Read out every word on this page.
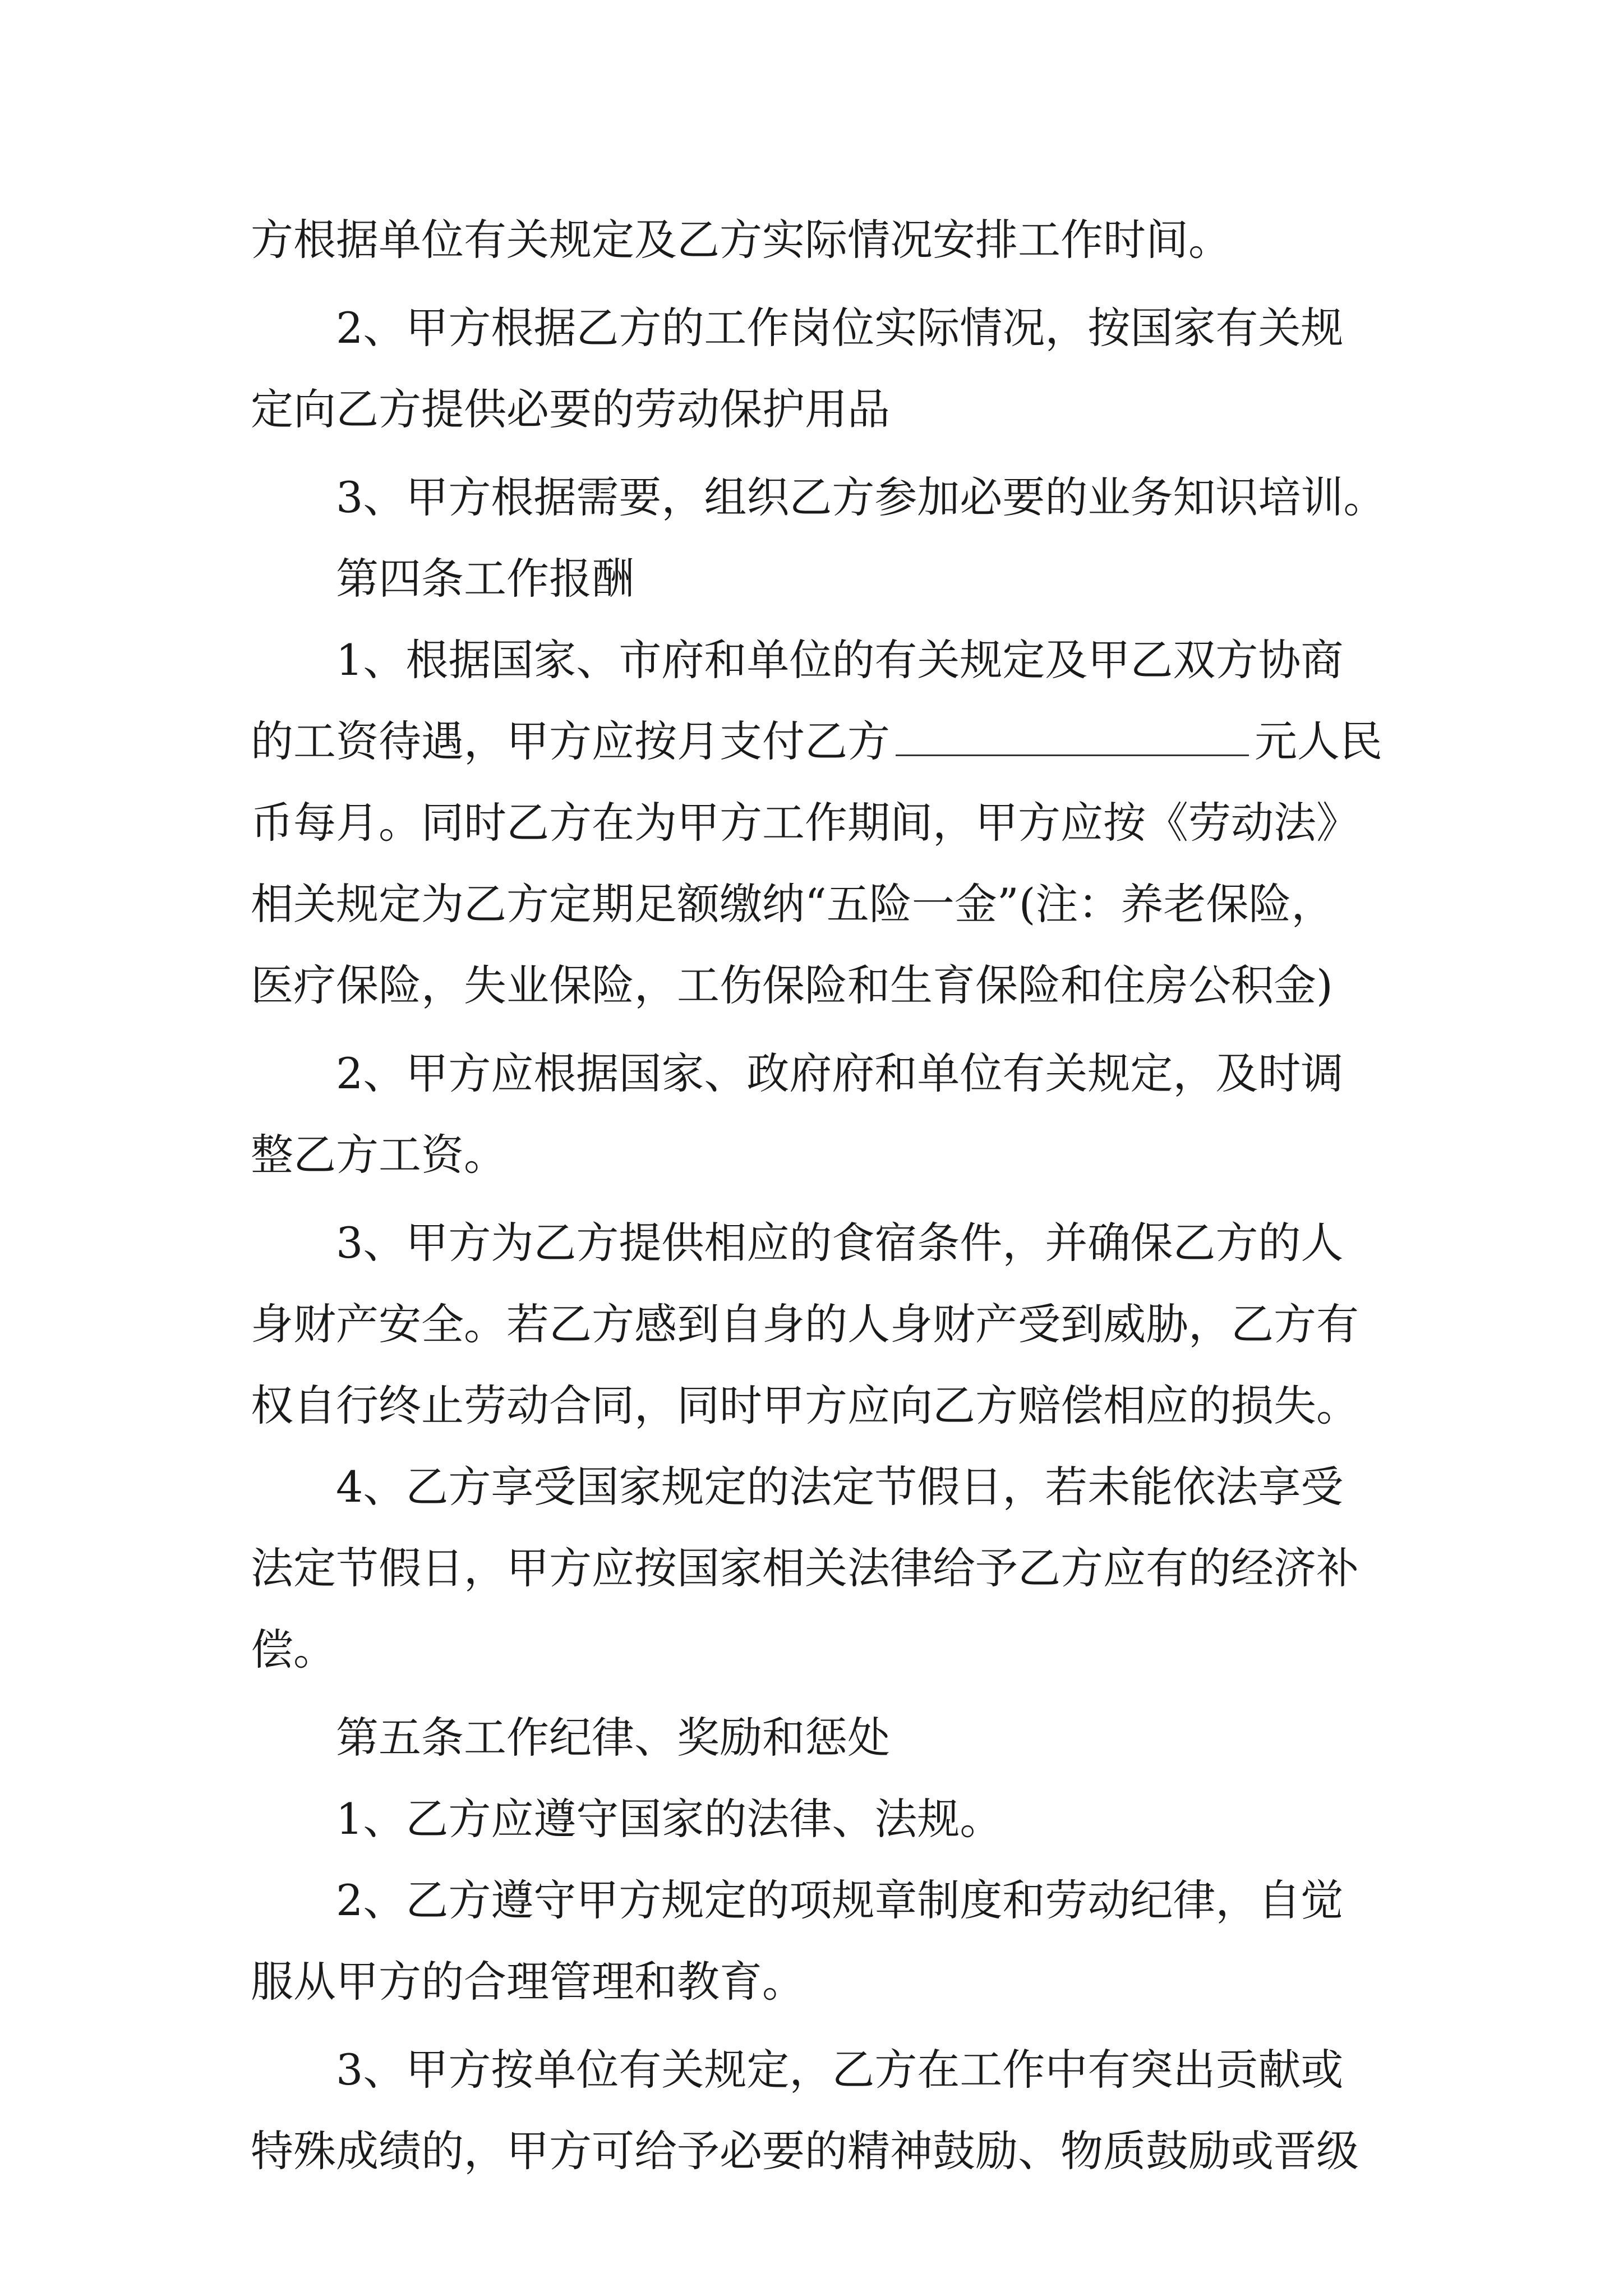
方根据单位有关规定及乙方实际情况安排工作时间。
2、甲方根据乙方的工作岗位实际情况，按国家有关规
定向乙方提供必要的劳动保护用品
3、甲方根据需要，组织乙方参加必要的业务知识培训。
第四条工作报酬
1、根据国家、市府和单位的有关规定及甲乙双方协商
的工资待遇，甲方应按月支付乙方	元人民
币每月。同时乙方在为甲方工作期间，甲方应按《劳动法》
相关规定为乙方定期足额缴纳“五险一金”(注：养老保险，
医疗保险，失业保险，工伤保险和生育保险和住房公积金)
2、甲方应根据国家、政府府和单位有关规定，及时调
整乙方工资。
3、甲方为乙方提供相应的食宿条件，并确保乙方的人
身财产安全。若乙方感到自身的人身财产受到威胁，乙方有
权自行终止劳动合同，同时甲方应向乙方赔偿相应的损失。
4、乙方享受国家规定的法定节假日，若未能依法享受
法定节假日，甲方应按国家相关法律给予乙方应有的经济补
偿。
第五条工作纪律、奖励和惩处
1、乙方应遵守国家的法律、法规。
2、乙方遵守甲方规定的项规章制度和劳动纪律，自觉
服从甲方的合理管理和教育。
3、甲方按单位有关规定，乙方在工作中有突出贡献或
特殊成绩的，甲方可给予必要的精神鼓励、物质鼓励或晋级
